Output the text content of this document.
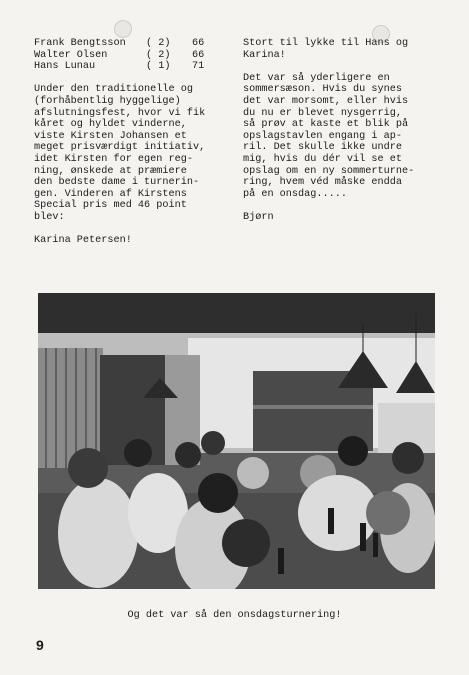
Frank Bengtsson	( 2)	66
Walter Olsen	( 2)	66
Hans Lunau	( 1)	71

Under den traditionelle og
(forhåbentlig hyggelige)
afslutningsfest, hvor vi fik
kåret og hyldet vinderne,
viste Kirsten Johansen et
meget prisværdigt initiativ,
idet Kirsten for egen reg-
ning, ønskede at præmiere
den bedste dame i turnerin-
gen. Vinderen af Kirstens
Special pris med 46 point
blev:

Karina Petersen!

Stort til lykke til Hans og
Karina!

Det var så yderligere en
sommersæson. Hvis du synes
det var morsomt, eller hvis
du nu er blevet nysgerrig,
så prøv at kaste et blik på
opslagstavlen engang i ap-
ril. Det skulle ikke undre
mig, hvis du dér vil se et
opslag om en ny sommerturne-
ring, hvem véd måske endda
på en onsdag.....

Bjørn

Og det var så den onsdagsturnering!
9
